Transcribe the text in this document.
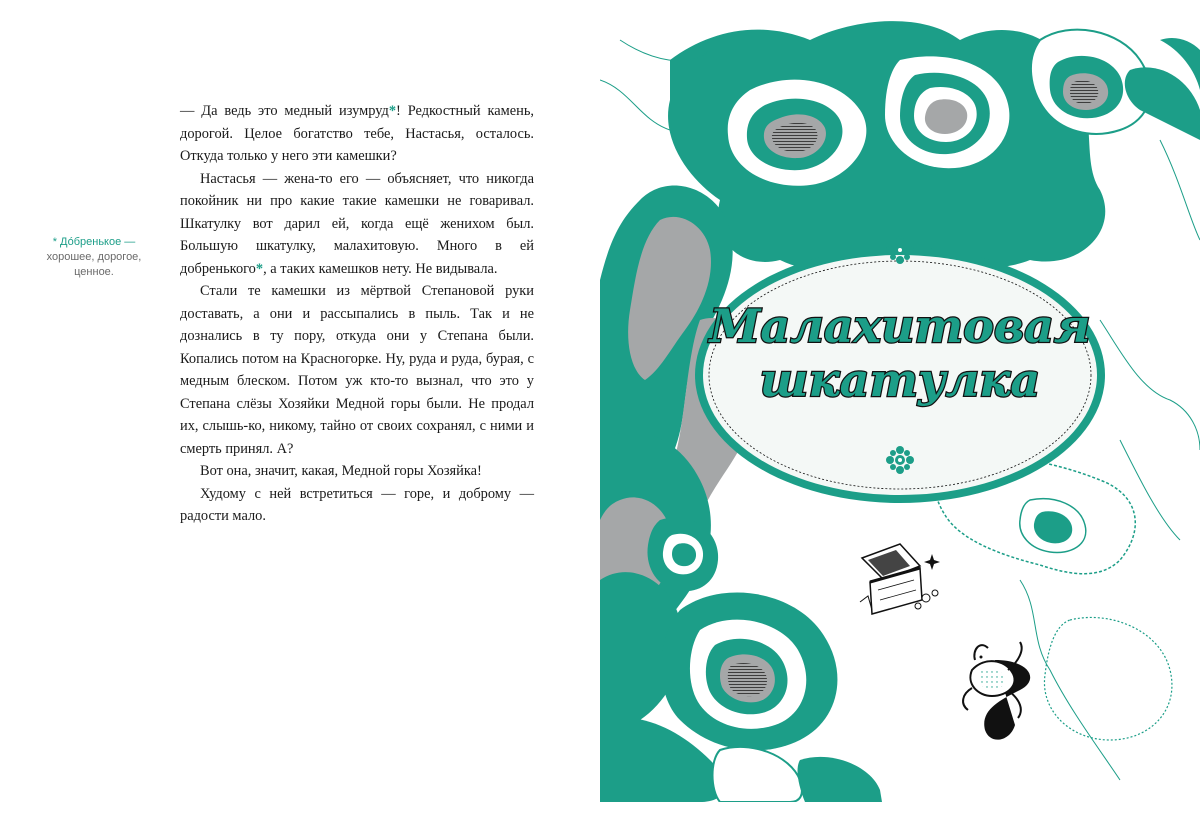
* До́бренькое —
хорошее, дорогое, ценное.

— Да ведь это медный изумруд*! Редкостный камень, дорогой. Целое богатство тебе, Настасья, осталось. Откуда только у него эти камешки?

Настасья — жена-то его — объясняет, что никогда покойник ни про какие такие камешки не говаривал. Шкатулку вот дарил ей, когда ещё женихом был. Большую шкатулку, малахитовую. Много в ей добренького*, а таких камешков нету. Не видывала.

Стали те камешки из мёртвой Степановой руки доставать, а они и рассыпались в пыль. Так и не дознались в ту пору, откуда они у Степана были. Копались потом на Красногорке. Ну, руда и руда, бурая, с медным блеском. Потом уж кто-то вызнал, что это у Степана слёзы Хозяйки Медной горы были. Не продал их, слышь-ко, никому, тайно от своих сохранял, с ними и смерть принял. А?

Вот она, значит, какая, Медной горы Хозяйка!

Худому с ней встретиться — горе, и доброму — радости мало.

Малахитовая
шкатулка
